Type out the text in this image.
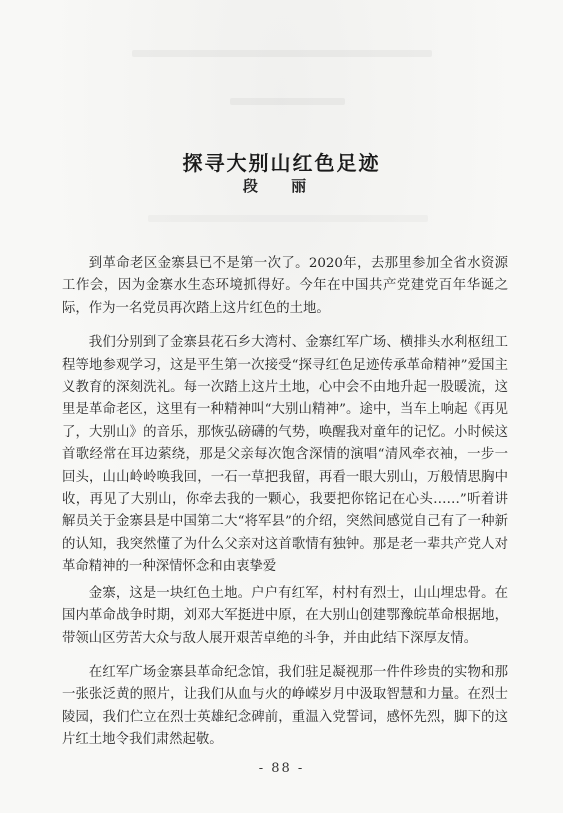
探寻大别山红色足迹
段 丽

到革命老区金寨县已不是第一次了。2020年，去那里参加全省水资源工作会，因为金寨水生态环境抓得好。今年在中国共产党建党百年华诞之际，作为一名党员再次踏上这片红色的土地。

我们分别到了金寨县花石乡大湾村、金寨红军广场、横排头水利枢纽工程等地参观学习，这是平生第一次接受“探寻红色足迹传承革命精神”爱国主义教育的深刻洗礼。每一次踏上这片土地，心中会不由地升起一股暖流，这里是革命老区，这里有一种精神叫“大别山精神”。途中，当车上响起《再见了，大别山》的音乐，那恢弘磅礴的气势，唤醒我对童年的记忆。小时候这首歌经常在耳边萦绕，那是父亲每次饱含深情的演唱“清风牵衣袖，一步一回头，山山岭岭唤我回，一石一草把我留，再看一眼大别山，万般情思胸中收，再见了大别山，你牵去我的一颗心，我要把你铭记在心头……”听着讲解员关于金寨县是中国第二大“将军县”的介绍，突然间感觉自己有了一种新的认知，我突然懂了为什么父亲对这首歌情有独钟。那是老一辈共产党人对革命精神的一种深情怀念和由衷挚爱

金寨，这是一块红色土地。户户有红军，村村有烈士，山山埋忠骨。在国内革命战争时期，刘邓大军挺进中原，在大别山创建鄂豫皖革命根据地，带领山区劳苦大众与敌人展开艰苦卓绝的斗争，并由此结下深厚友情。

在红军广场金寨县革命纪念馆，我们驻足凝视那一件件珍贵的实物和那一张张泛黄的照片，让我们从血与火的峥嵘岁月中汲取智慧和力量。在烈士陵园，我们伫立在烈士英雄纪念碑前，重温入党誓词，感怀先烈，脚下的这片红土地令我们肃然起敬。

- 88 -
